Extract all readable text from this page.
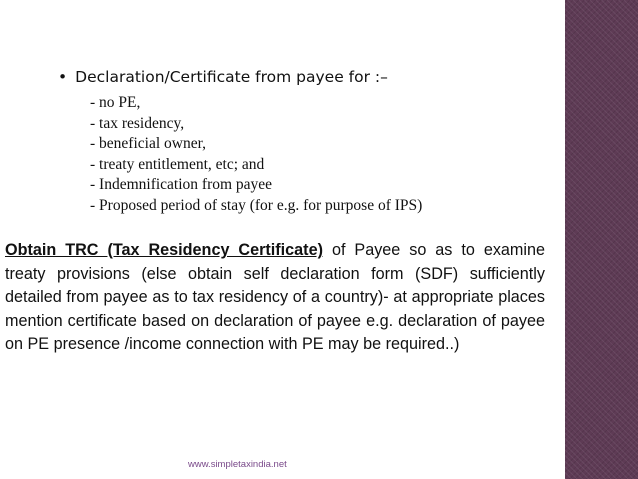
• Declaration/Certificate from payee for :–
- no PE,
- tax residency,
- beneficial owner,
- treaty entitlement, etc; and
- Indemnification from payee
- Proposed period of stay (for e.g. for purpose of IPS)

Obtain TRC (Tax Residency Certificate) of Payee so as to examine treaty provisions (else obtain self declaration form (SDF) sufficiently detailed from payee as to tax residency of a country)- at appropriate places mention certificate based on declaration of payee e.g. declaration of payee on PE presence /income connection with PE may be required..)

www.simpletaxindia.net
